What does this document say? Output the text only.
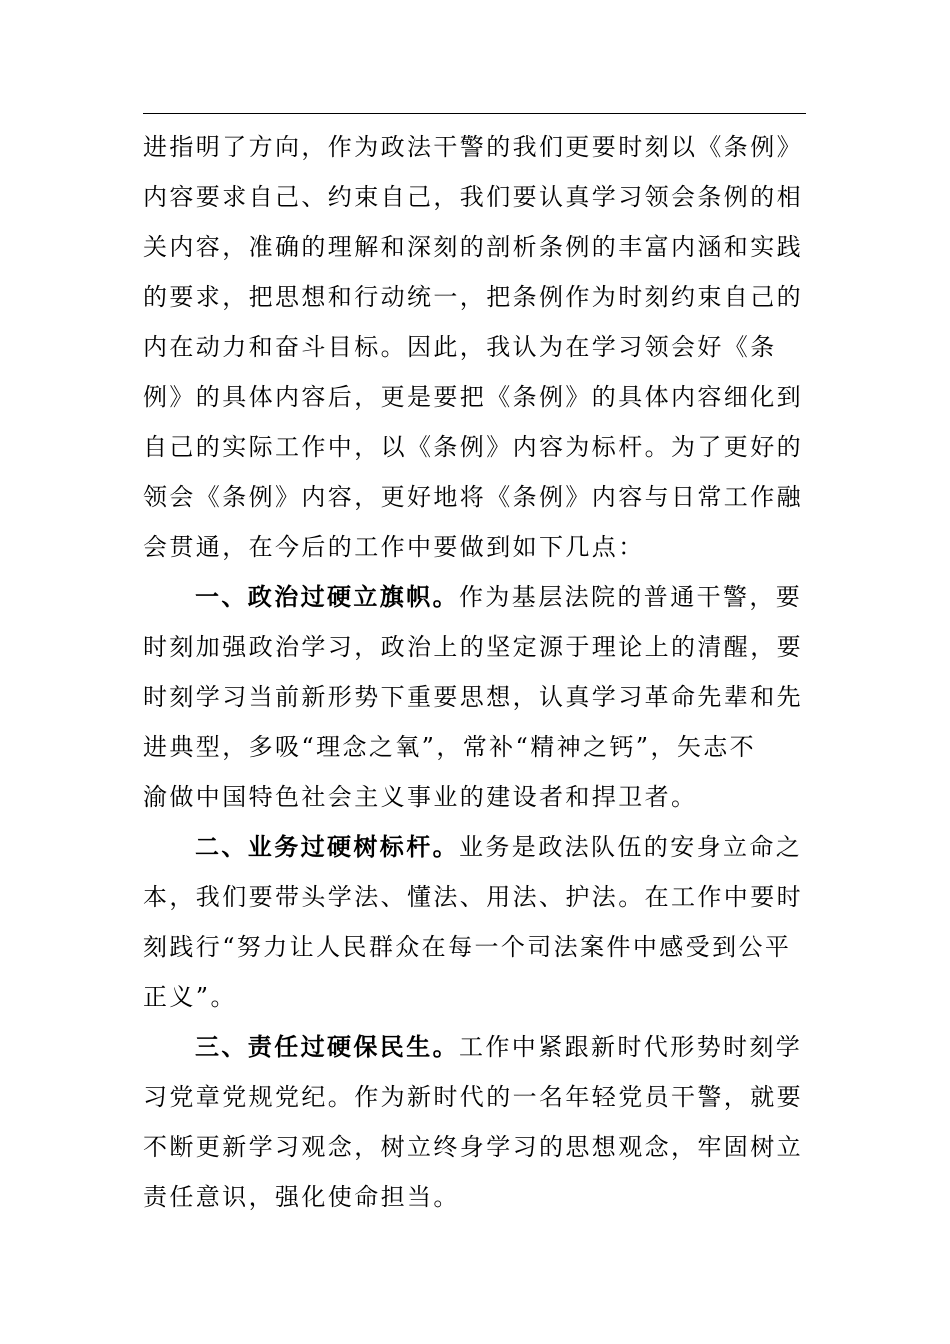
进指明了方向，作为政法干警的我们更要时刻以《条例》
内容要求自己、约束自己，我们要认真学习领会条例的相
关内容，准确的理解和深刻的剖析条例的丰富内涵和实践
的要求，把思想和行动统一，把条例作为时刻约束自己的
内在动力和奋斗目标。因此，我认为在学习领会好《条
例》的具体内容后，更是要把《条例》的具体内容细化到
自己的实际工作中，以《条例》内容为标杆。为了更好的
领会《条例》内容，更好地将《条例》内容与日常工作融
会贯通，在今后的工作中要做到如下几点：
一、政治过硬立旗帜。作为基层法院的普通干警，要
时刻加强政治学习，政治上的坚定源于理论上的清醒，要
时刻学习当前新形势下重要思想，认真学习革命先辈和先
进典型，多吸“理念之氧”，常补“精神之钙”，矢志不
渝做中国特色社会主义事业的建设者和捍卫者。
二、业务过硬树标杆。业务是政法队伍的安身立命之
本，我们要带头学法、懂法、用法、护法。在工作中要时
刻践行“努力让人民群众在每一个司法案件中感受到公平
正义”。
三、责任过硬保民生。工作中紧跟新时代形势时刻学
习党章党规党纪。作为新时代的一名年轻党员干警，就要
不断更新学习观念，树立终身学习的思想观念，牢固树立
责任意识，强化使命担当。
